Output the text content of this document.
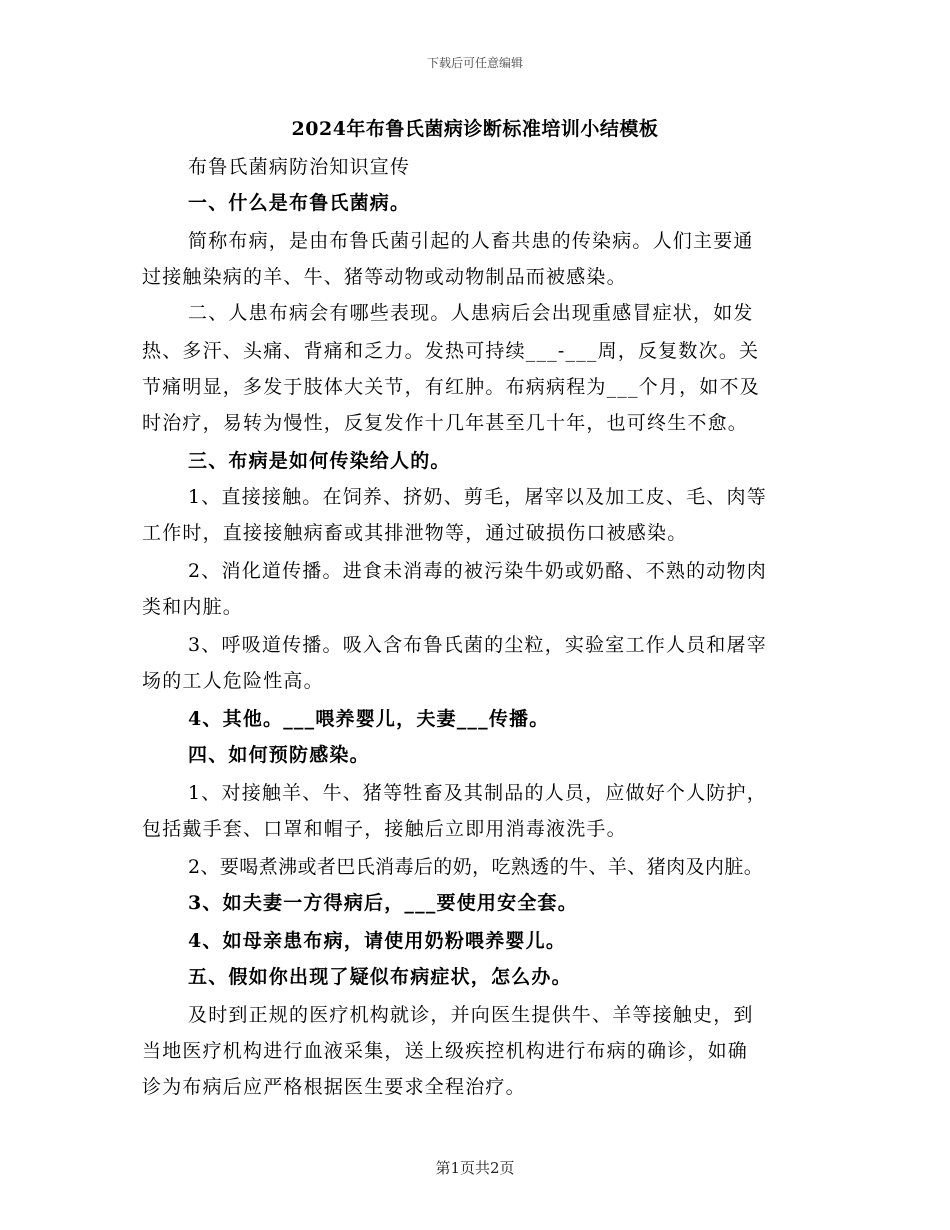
下载后可任意编辑
2024年布鲁氏菌病诊断标准培训小结模板
布鲁氏菌病防治知识宣传
一、什么是布鲁氏菌病。
简称布病，是由布鲁氏菌引起的人畜共患的传染病。人们主要通
过接触染病的羊、牛、猪等动物或动物制品而被感染。
二、人患布病会有哪些表现。人患病后会出现重感冒症状，如发
热、多汗、头痛、背痛和乏力。发热可持续___-___周，反复数次。关
节痛明显，多发于肢体大关节，有红肿。布病病程为___个月，如不及
时治疗，易转为慢性，反复发作十几年甚至几十年，也可终生不愈。
三、布病是如何传染给人的。
1、直接接触。在饲养、挤奶、剪毛，屠宰以及加工皮、毛、肉等
工作时，直接接触病畜或其排泄物等，通过破损伤口被感染。
2、消化道传播。进食未消毒的被污染牛奶或奶酪、不熟的动物肉
类和内脏。
3、呼吸道传播。吸入含布鲁氏菌的尘粒，实验室工作人员和屠宰
场的工人危险性高。
4、其他。___喂养婴儿，夫妻___传播。
四、如何预防感染。
1、对接触羊、牛、猪等牲畜及其制品的人员，应做好个人防护，
包括戴手套、口罩和帽子，接触后立即用消毒液洗手。
2、要喝煮沸或者巴氏消毒后的奶，吃熟透的牛、羊、猪肉及内脏。
3、如夫妻一方得病后，___要使用安全套。
4、如母亲患布病，请使用奶粉喂养婴儿。
五、假如你出现了疑似布病症状，怎么办。
及时到正规的医疗机构就诊，并向医生提供牛、羊等接触史，到
当地医疗机构进行血液采集，送上级疾控机构进行布病的确诊，如确
诊为布病后应严格根据医生要求全程治疗。
第1页共2页
